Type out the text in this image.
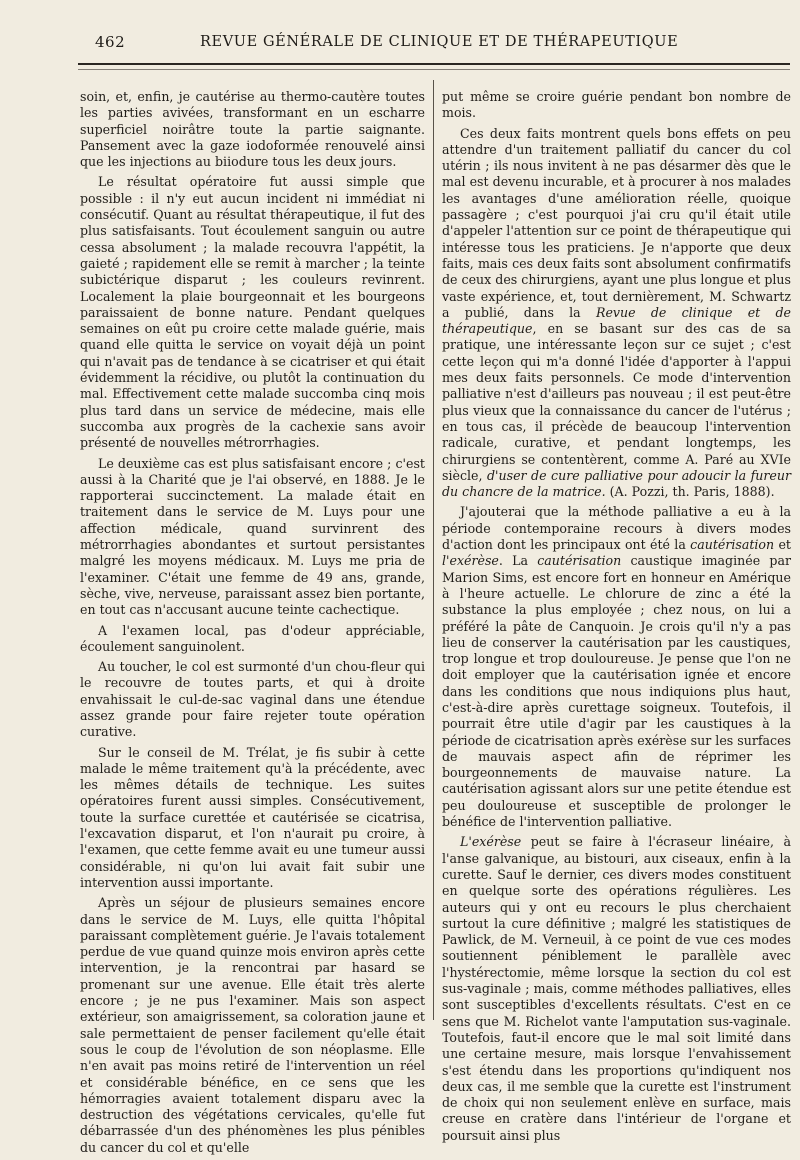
462	REVUE GÉNÉRALE DE CLINIQUE ET DE THÉRAPEUTIQUE

soin, et, enfin, je cautérise au thermo-cautère toutes les parties avivées, transformant en un escharre superficiel noirâtre toute la partie saignante. Pansement avec la gaze iodoformée renouvelé ainsi que les injections au biiodure tous les deux jours.

Le résultat opératoire fut aussi simple que possible : il n'y eut aucun incident ni immédiat ni consécutif. Quant au résultat thérapeutique, il fut des plus satisfaisants. Tout écoulement sanguin ou autre cessa absolument ; la malade recouvra l'appétit, la gaieté ; rapidement elle se remit à marcher ; la teinte subictérique disparut ; les couleurs revinrent. Localement la plaie bourgeonnait et les bourgeons paraissaient de bonne nature. Pendant quelques semaines on eût pu croire cette malade guérie, mais quand elle quitta le service on voyait déjà un point qui n'avait pas de tendance à se cicatriser et qui était évidemment la récidive, ou plutôt la continuation du mal. Effectivement cette malade succomba cinq mois plus tard dans un service de médecine, mais elle succomba aux progrès de la cachexie sans avoir présenté de nouvelles métrorrhagies.

Le deuxième cas est plus satisfaisant encore ; c'est aussi à la Charité que je l'ai observé, en 1888. Je le rapporterai succinctement. La malade était en traitement dans le service de M. Luys pour une affection médicale, quand survinrent des métrorrhagies abondantes et surtout persistantes malgré les moyens médicaux. M. Luys me pria de l'examiner. C'était une femme de 49 ans, grande, sèche, vive, nerveuse, paraissant assez bien portante, en tout cas n'accusant aucune teinte cachectique.

A l'examen local, pas d'odeur appréciable, écoulement sanguinolent.

Au toucher, le col est surmonté d'un chou-fleur qui le recouvre de toutes parts, et qui à droite envahissait le cul-de-sac vaginal dans une étendue assez grande pour faire rejeter toute opération curative.

Sur le conseil de M. Trélat, je fis subir à cette malade le même traitement qu'à la précédente, avec les mêmes détails de technique. Les suites opératoires furent aussi simples. Consécutivement, toute la surface curettée et cautérisée se cicatrisa, l'excavation disparut, et l'on n'aurait pu croire, à l'examen, que cette femme avait eu une tumeur aussi considérable, ni qu'on lui avait fait subir une intervention aussi importante.

Après un séjour de plusieurs semaines encore dans le service de M. Luys, elle quitta l'hôpital paraissant complètement guérie. Je l'avais totalement perdue de vue quand quinze mois environ après cette intervention, je la rencontrai par hasard se promenant sur une avenue. Elle était très alerte encore ; je ne pus l'examiner. Mais son aspect extérieur, son amaigrissement, sa coloration jaune et sale permettaient de penser facilement qu'elle était sous le coup de l'évolution de son néoplasme. Elle n'en avait pas moins retiré de l'intervention un réel et considérable bénéfice, en ce sens que les hémorragies avaient totalement disparu avec la destruction des végétations cervicales, qu'elle fut débarrassée d'un des phénomènes les plus pénibles du cancer du col et qu'elle

put même se croire guérie pendant bon nombre de mois.

Ces deux faits montrent quels bons effets on peu attendre d'un traitement palliatif du cancer du col utérin ; ils nous invitent à ne pas désarmer dès que le mal est devenu incurable, et à procurer à nos malades les avantages d'une amélioration réelle, quoique passagère ; c'est pourquoi j'ai cru qu'il était utile d'appeler l'attention sur ce point de thérapeutique qui intéresse tous les praticiens. Je n'apporte que deux faits, mais ces deux faits sont absolument confirmatifs de ceux des chirurgiens, ayant une plus longue et plus vaste expérience, et, tout dernièrement, M. Schwartz a publié, dans la Revue de clinique et de thérapeutique, en se basant sur des cas de sa pratique, une intéressante leçon sur ce sujet ; c'est cette leçon qui m'a donné l'idée d'apporter à l'appui mes deux faits personnels. Ce mode d'intervention palliative n'est d'ailleurs pas nouveau ; il est peut-être plus vieux que la connaissance du cancer de l'utérus ; en tous cas, il précède de beaucoup l'intervention radicale, curative, et pendant longtemps, les chirurgiens se contentèrent, comme A. Paré au XVIe siècle, d'user de cure palliative pour adoucir la fureur du chancre de la matrice. (A. Pozzi, th. Paris, 1888).

J'ajouterai que la méthode palliative a eu à la période contemporaine recours à divers modes d'action dont les principaux ont été la cautérisation et l'exérèse. La cautérisation caustique imaginée par Marion Sims, est encore fort en honneur en Amérique à l'heure actuelle. Le chlorure de zinc a été la substance la plus employée ; chez nous, on lui a préféré la pâte de Canquoin. Je crois qu'il n'y a pas lieu de conserver la cautérisation par les caustiques, trop longue et trop douloureuse. Je pense que l'on ne doit employer que la cautérisation ignée et encore dans les conditions que nous indiquions plus haut, c'est-à-dire après curettage soigneux. Toutefois, il pourrait être utile d'agir par les caustiques à la période de cicatrisation après exérèse sur les surfaces de mauvais aspect afin de réprimer les bourgeonnements de mauvaise nature. La cautérisation agissant alors sur une petite étendue est peu douloureuse et susceptible de prolonger le bénéfice de l'intervention palliative.

L'exérèse peut se faire à l'écraseur linéaire, à l'anse galvanique, au bistouri, aux ciseaux, enfin à la curette. Sauf le dernier, ces divers modes constituent en quelque sorte des opérations régulières. Les auteurs qui y ont eu recours le plus cherchaient surtout la cure définitive ; malgré les statistiques de Pawlick, de M. Verneuil, à ce point de vue ces modes soutiennent péniblement le parallèle avec l'hystérectomie, même lorsque la section du col est sus-vaginale ; mais, comme méthodes palliatives, elles sont susceptibles d'excellents résultats. C'est en ce sens que M. Richelot vante l'amputation sus-vaginale. Toutefois, faut-il encore que le mal soit limité dans une certaine mesure, mais lorsque l'envahissement s'est étendu dans les proportions qu'indiquent nos deux cas, il me semble que la curette est l'instrument de choix qui non seulement enlève en surface, mais creuse en cratère dans l'intérieur de l'organe et poursuit ainsi plus
